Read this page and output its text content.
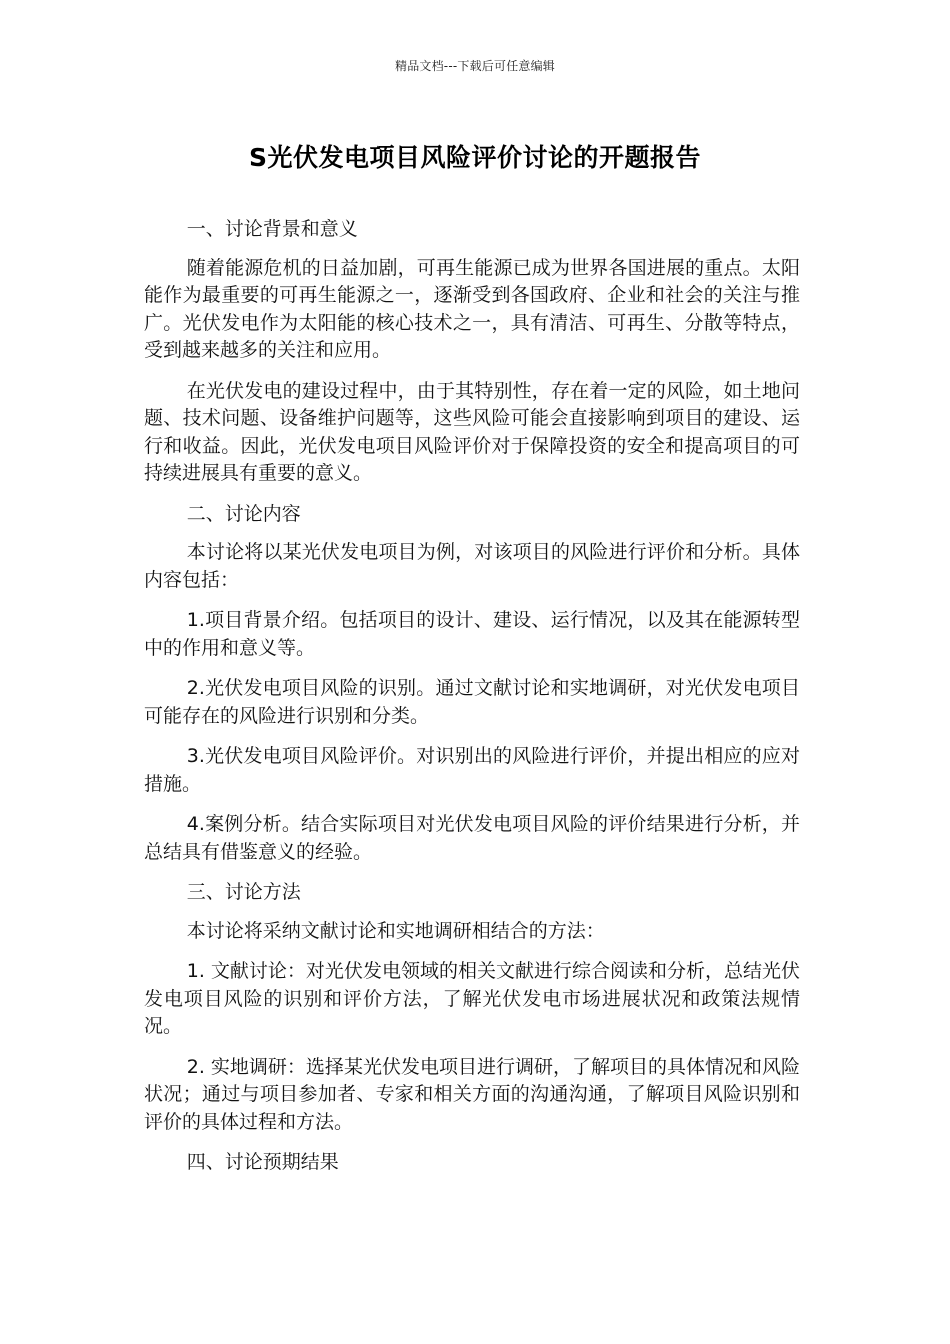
精品文档---下载后可任意编辑
S光伏发电项目风险评价讨论的开题报告

一、讨论背景和意义

随着能源危机的日益加剧，可再生能源已成为世界各国进展的重点。太阳能作为最重要的可再生能源之一，逐渐受到各国政府、企业和社会的关注与推广。光伏发电作为太阳能的核心技术之一，具有清洁、可再生、分散等特点，受到越来越多的关注和应用。

在光伏发电的建设过程中，由于其特别性，存在着一定的风险，如土地问题、技术问题、设备维护问题等，这些风险可能会直接影响到项目的建设、运行和收益。因此，光伏发电项目风险评价对于保障投资的安全和提高项目的可持续进展具有重要的意义。

二、讨论内容

本讨论将以某光伏发电项目为例，对该项目的风险进行评价和分析。具体内容包括：

1.项目背景介绍。包括项目的设计、建设、运行情况，以及其在能源转型中的作用和意义等。

2.光伏发电项目风险的识别。通过文献讨论和实地调研，对光伏发电项目可能存在的风险进行识别和分类。

3.光伏发电项目风险评价。对识别出的风险进行评价，并提出相应的应对措施。

4.案例分析。结合实际项目对光伏发电项目风险的评价结果进行分析，并总结具有借鉴意义的经验。

三、讨论方法

本讨论将采纳文献讨论和实地调研相结合的方法：

1. 文献讨论：对光伏发电领域的相关文献进行综合阅读和分析，总结光伏发电项目风险的识别和评价方法，了解光伏发电市场进展状况和政策法规情况。

2. 实地调研：选择某光伏发电项目进行调研，了解项目的具体情况和风险状况；通过与项目参加者、专家和相关方面的沟通沟通，了解项目风险识别和评价的具体过程和方法。

四、讨论预期结果
